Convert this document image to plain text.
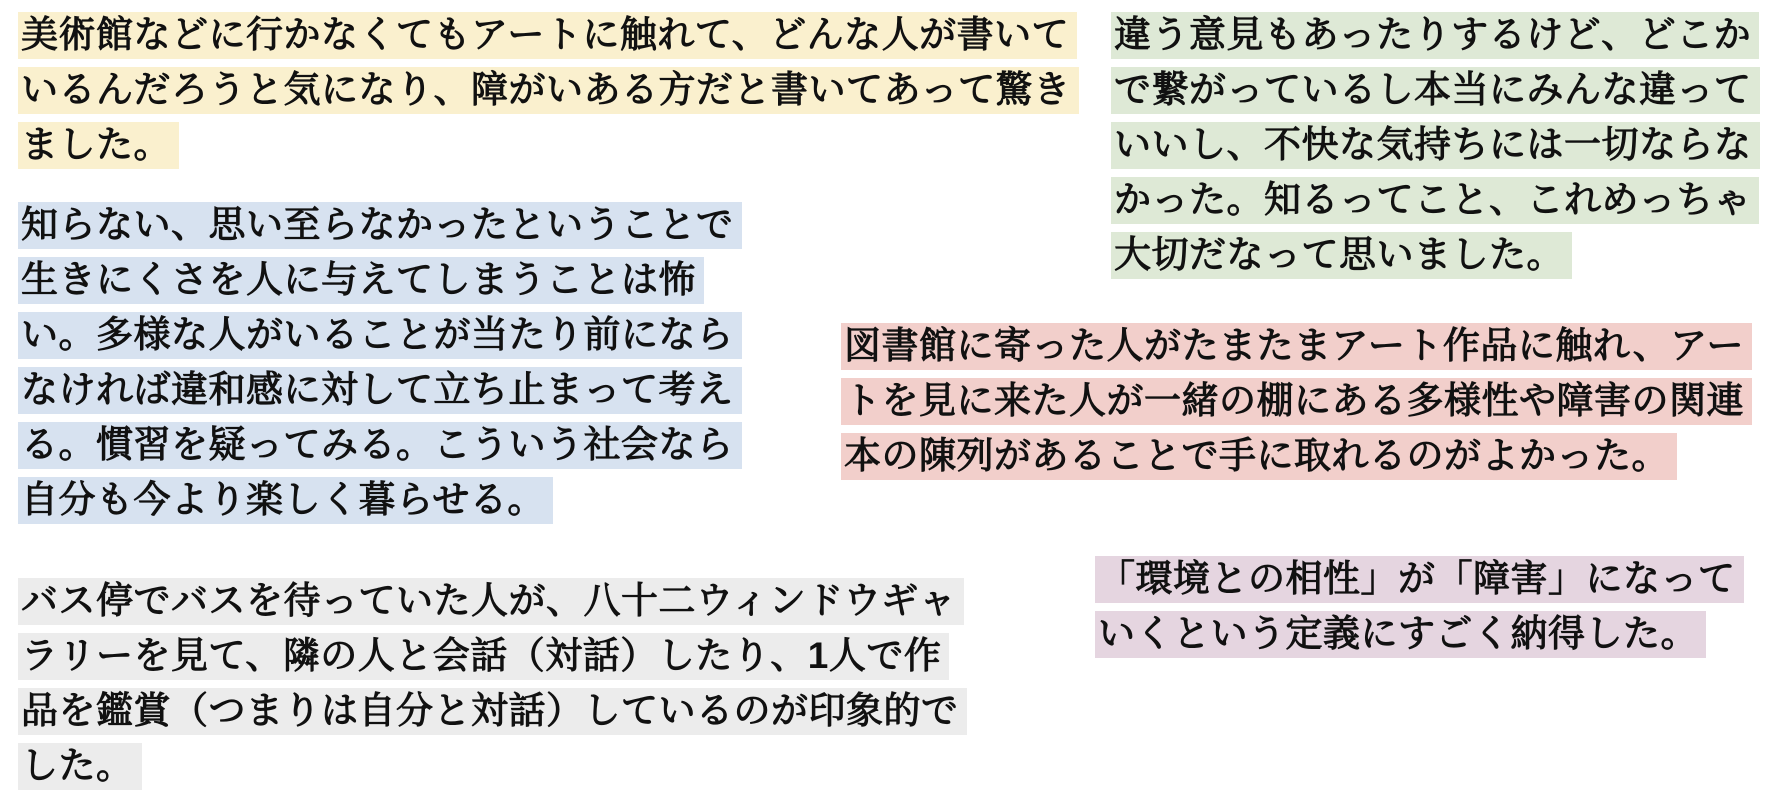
美術館などに行かなくてもアートに触れて、どんな人が書いて
いるんだろうと気になり、障がいある方だと書いてあって驚き
ました。
知らない、思い至らなかったということで
生きにくさを人に与えてしまうことは怖
い。多様な人がいることが当たり前になら
なければ違和感に対して立ち止まって考え
る。慣習を疑ってみる。こういう社会なら
自分も今より楽しく暮らせる。
バス停でバスを待っていた人が、八十二ウィンドウギャ
ラリーを見て、隣の人と会話（対話）したり、1人で作
品を鑑賞（つまりは自分と対話）しているのが印象的で
した。
違う意見もあったりするけど、どこか
で繋がっているし本当にみんな違って
いいし、不快な気持ちには一切ならな
かった。知るってこと、これめっちゃ
大切だなって思いました。
図書館に寄った人がたまたまアート作品に触れ、アー
トを見に来た人が一緒の棚にある多様性や障害の関連
本の陳列があることで手に取れるのがよかった。
「環境との相性」が「障害」になって
いくという定義にすごく納得した。
